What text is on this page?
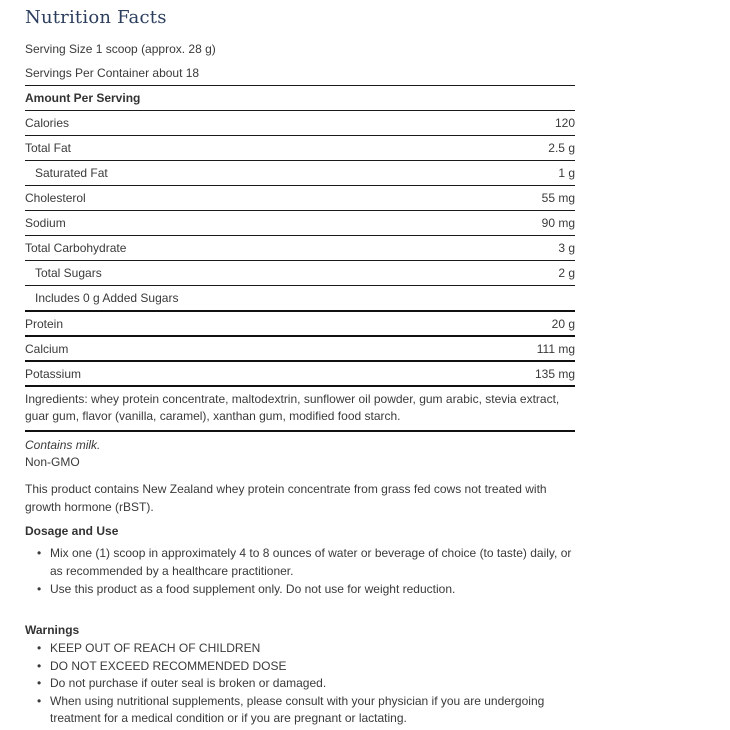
Nutrition Facts
Serving Size 1 scoop (approx. 28 g)
Servings Per Container about 18
Amount Per Serving
Calories	120
Total Fat	2.5 g
Saturated Fat	1 g
Cholesterol	55 mg
Sodium	90 mg
Total Carbohydrate	3 g
Total Sugars	2 g
Includes 0 g Added Sugars
Protein	20 g
Calcium	111 mg
Potassium	135 mg
Ingredients: whey protein concentrate, maltodextrin, sunflower oil powder, gum arabic, stevia extract, guar gum, flavor (vanilla, caramel), xanthan gum, modified food starch.
Contains milk.
Non-GMO
This product contains New Zealand whey protein concentrate from grass fed cows not treated with growth hormone (rBST).
Dosage and Use
• Mix one (1) scoop in approximately 4 to 8 ounces of water or beverage of choice (to taste) daily, or as recommended by a healthcare practitioner.
• Use this product as a food supplement only. Do not use for weight reduction.
Warnings
• KEEP OUT OF REACH OF CHILDREN
• DO NOT EXCEED RECOMMENDED DOSE
• Do not purchase if outer seal is broken or damaged.
• When using nutritional supplements, please consult with your physician if you are undergoing treatment for a medical condition or if you are pregnant or lactating.
